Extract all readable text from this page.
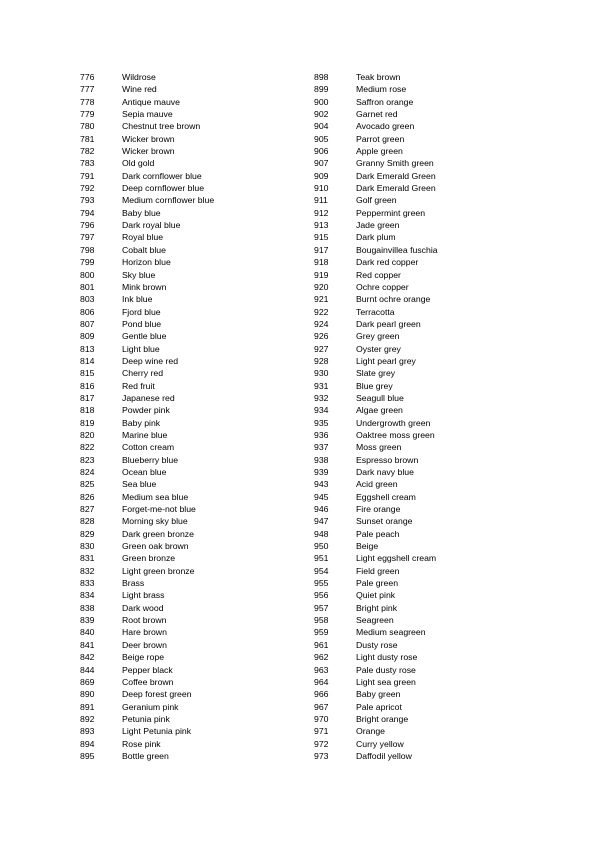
776	Wildrose
777	Wine red
778	Antique mauve
779	Sepia mauve
780	Chestnut tree brown
781	Wicker brown
782	Wicker brown
783	Old gold
791	Dark cornflower blue
792	Deep cornflower blue
793	Medium cornflower blue
794	Baby blue
796	Dark royal blue
797	Royal blue
798	Cobalt blue
799	Horizon blue
800	Sky blue
801	Mink brown
803	Ink blue
806	Fjord blue
807	Pond blue
809	Gentle blue
813	Light blue
814	Deep wine red
815	Cherry red
816	Red fruit
817	Japanese red
818	Powder pink
819	Baby pink
820	Marine blue
822	Cotton cream
823	Blueberry blue
824	Ocean blue
825	Sea blue
826	Medium sea blue
827	Forget-me-not blue
828	Morning sky blue
829	Dark green bronze
830	Green oak brown
831	Green bronze
832	Light green bronze
833	Brass
834	Light brass
838	Dark wood
839	Root brown
840	Hare brown
841	Deer brown
842	Beige rope
844	Pepper black
869	Coffee brown
890	Deep forest green
891	Geranium pink
892	Petunia pink
893	Light Petunia pink
894	Rose pink
895	Bottle green
898	Teak brown
899	Medium rose
900	Saffron orange
902	Garnet red
904	Avocado green
905	Parrot green
906	Apple green
907	Granny Smith green
909	Dark Emerald Green
910	Dark Emerald Green
911	Golf green
912	Peppermint green
913	Jade green
915	Dark plum
917	Bougainvillea fuschia
918	Dark red copper
919	Red copper
920	Ochre copper
921	Burnt ochre orange
922	Terracotta
924	Dark pearl green
926	Grey green
927	Oyster grey
928	Light pearl grey
930	Slate grey
931	Blue grey
932	Seagull blue
934	Algae green
935	Undergrowth green
936	Oaktree moss green
937	Moss green
938	Espresso brown
939	Dark navy blue
943	Acid green
945	Eggshell cream
946	Fire orange
947	Sunset orange
948	Pale peach
950	Beige
951	Light eggshell cream
954	Field green
955	Pale green
956	Quiet pink
957	Bright pink
958	Seagreen
959	Medium seagreen
961	Dusty rose
962	Light dusty rose
963	Pale dusty rose
964	Light sea green
966	Baby green
967	Pale apricot
970	Bright orange
971	Orange
972	Curry yellow
973	Daffodil yellow
